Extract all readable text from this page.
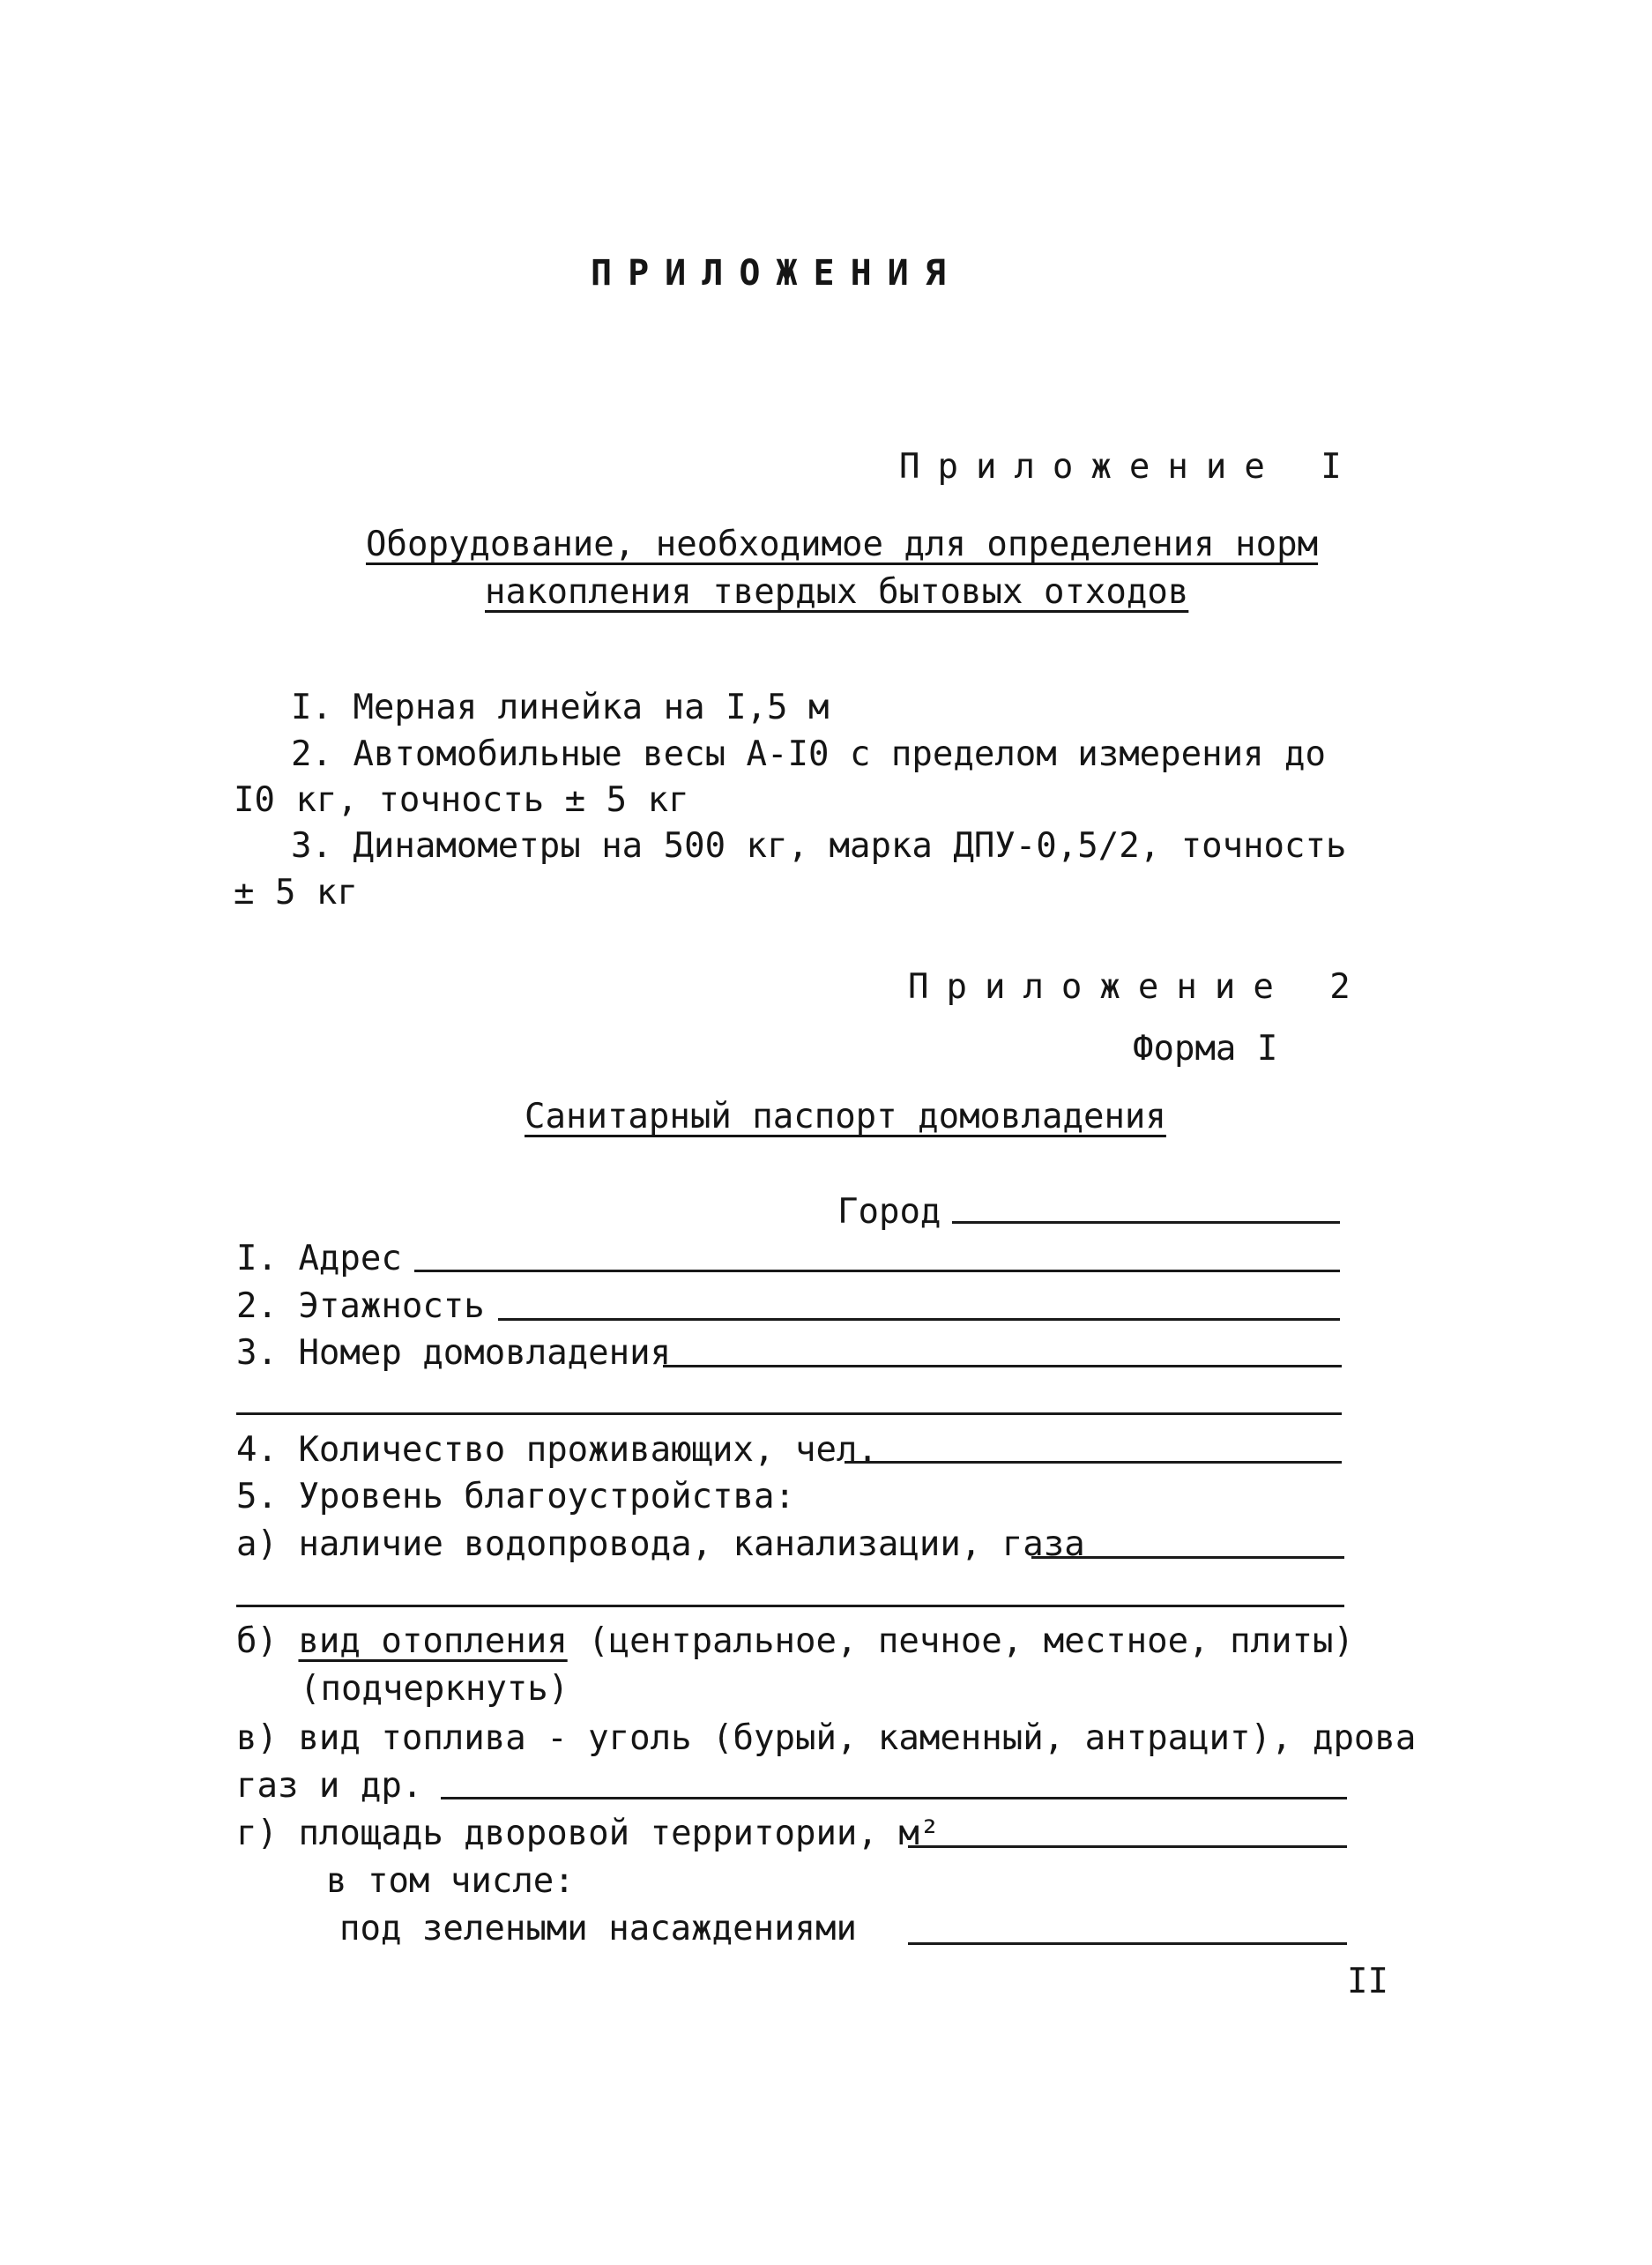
ПРИЛОЖЕНИЯ
Приложение I
Оборудование, необходимое для определения норм
накопления твердых бытовых отходов
I. Мерная линейка на I,5 м
2. Автомобильные весы А-I0 с пределом измерения до
I0 кг, точность ± 5 кг
3. Динамометры на 500 кг, марка ДПУ-0,5/2, точность
± 5 кг
Приложение 2
Форма I
Санитарный паспорт домовладения
Город
I. Адрес
2. Этажность
3. Номер домовладения
4. Количество проживающих, чел.
5. Уровень благоустройства:
а) наличие водопровода, канализации, газа
б) вид отопления (центральное, печное, местное, плиты)
(подчеркнуть)
в) вид топлива - уголь (бурый, каменный, антрацит), дрова
газ и др.
г) площадь дворовой территории, м²
в том числе:
под зелеными насаждениями
II
